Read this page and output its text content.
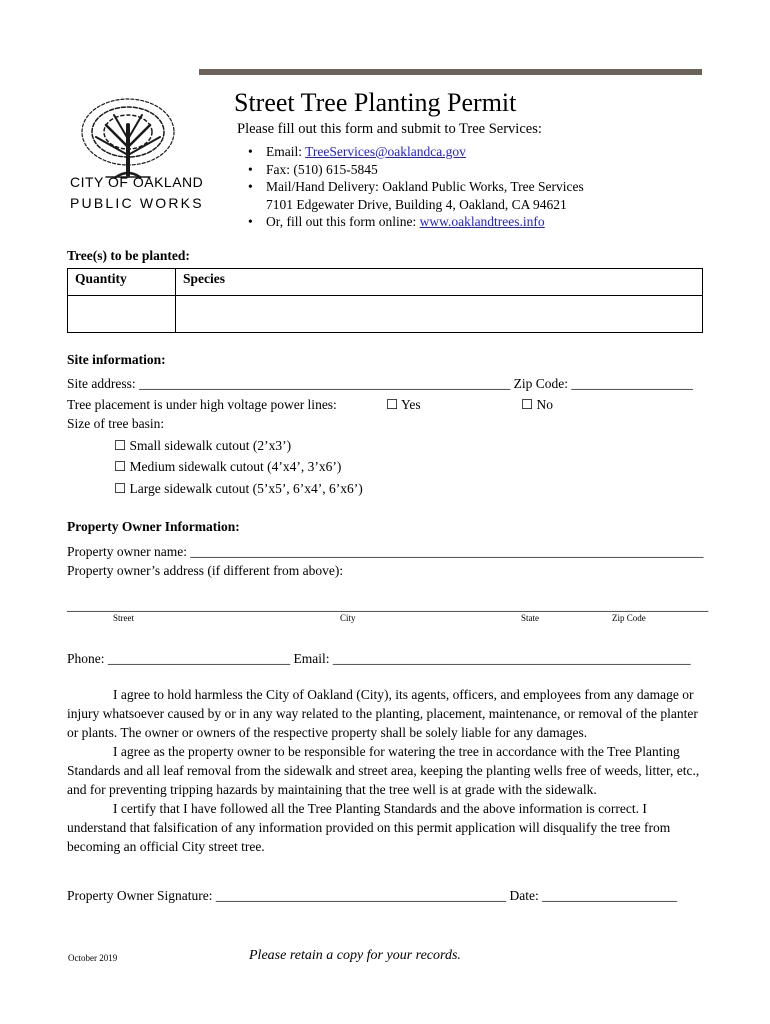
CITY OF OAKLAND
PUBLIC WORKS
Street Tree Planting Permit
Please fill out this form and submit to Tree Services:
• Email: TreeServices@oaklandca.gov
• Fax: (510) 615-5845
• Mail/Hand Delivery: Oakland Public Works, Tree Services
7101 Edgewater Drive, Building 4, Oakland, CA 94621
• Or, fill out this form online: www.oaklandtrees.info
Tree(s) to be planted:
Quantity	Species

Site information:
Site address: _______________________________________________________ Zip Code: __________________
Tree placement is under high voltage power lines:	☐ Yes	☐ No
Size of tree basin:
☐ Small sidewalk cutout (2’x3’)
☐ Medium sidewalk cutout (4’x4’, 3’x6’)
☐ Large sidewalk cutout (5’x5’, 6’x4’, 6’x6’)
Property Owner Information:
Property owner name: ____________________________________________________________________________
Property owner’s address (if different from above):
_______________________________________________________________________________________________
Street	City	State	Zip Code
Phone: ___________________________ Email: _____________________________________________________

I agree to hold harmless the City of Oakland (City), its agents, officers, and employees from any damage or injury whatsoever caused by or in any way related to the planting, placement, maintenance, or removal of the planter or plants. The owner or owners of the respective property shall be solely liable for any damages.

I agree as the property owner to be responsible for watering the tree in accordance with the Tree Planting Standards and all leaf removal from the sidewalk and street area, keeping the planting wells free of weeds, litter, etc., and for preventing tripping hazards by maintaining that the tree well is at grade with the sidewalk.

I certify that I have followed all the Tree Planting Standards and the above information is correct. I understand that falsification of any information provided on this permit application will disqualify the tree from becoming an official City street tree.

Property Owner Signature: ___________________________________________ Date: ____________________
October 2019	Please retain a copy for your records.
